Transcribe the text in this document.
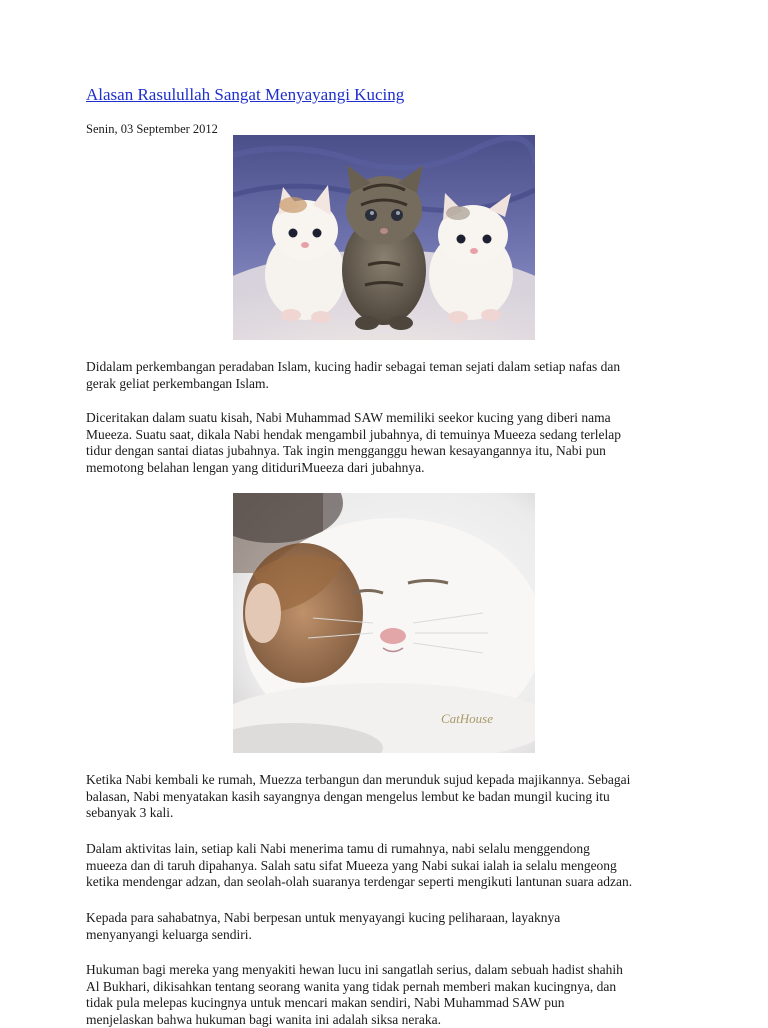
Alasan Rasulullah Sangat Menyayangi Kucing
Senin, 03 September 2012

Didalam perkembangan peradaban Islam, kucing hadir sebagai teman sejati dalam setiap nafas dan
gerak geliat perkembangan Islam.

Diceritakan dalam suatu kisah, Nabi Muhammad SAW memiliki seekor kucing yang diberi nama
Mueeza. Suatu saat, dikala Nabi hendak mengambil jubahnya, di temuinya Mueeza sedang terlelap
tidur dengan santai diatas jubahnya. Tak ingin mengganggu hewan kesayangannya itu, Nabi pun
memotong belahan lengan yang ditiduriMueeza dari jubahnya.

CatHouse

Ketika Nabi kembali ke rumah, Muezza terbangun dan merunduk sujud kepada majikannya. Sebagai
balasan, Nabi menyatakan kasih sayangnya dengan mengelus lembut ke badan mungil kucing itu
sebanyak 3 kali.

Dalam aktivitas lain, setiap kali Nabi menerima tamu di rumahnya, nabi selalu menggendong
mueeza dan di taruh dipahanya. Salah satu sifat Mueeza yang Nabi sukai ialah ia selalu mengeong
ketika mendengar adzan, dan seolah-olah suaranya terdengar seperti mengikuti lantunan suara adzan.

Kepada para sahabatnya, Nabi berpesan untuk menyayangi kucing peliharaan, layaknya
menyanyangi keluarga sendiri.

Hukuman bagi mereka yang menyakiti hewan lucu ini sangatlah serius, dalam sebuah hadist shahih
Al Bukhari, dikisahkan tentang seorang wanita yang tidak pernah memberi makan kucingnya, dan
tidak pula melepas kucingnya untuk mencari makan sendiri, Nabi Muhammad SAW pun
menjelaskan bahwa hukuman bagi wanita ini adalah siksa neraka.
